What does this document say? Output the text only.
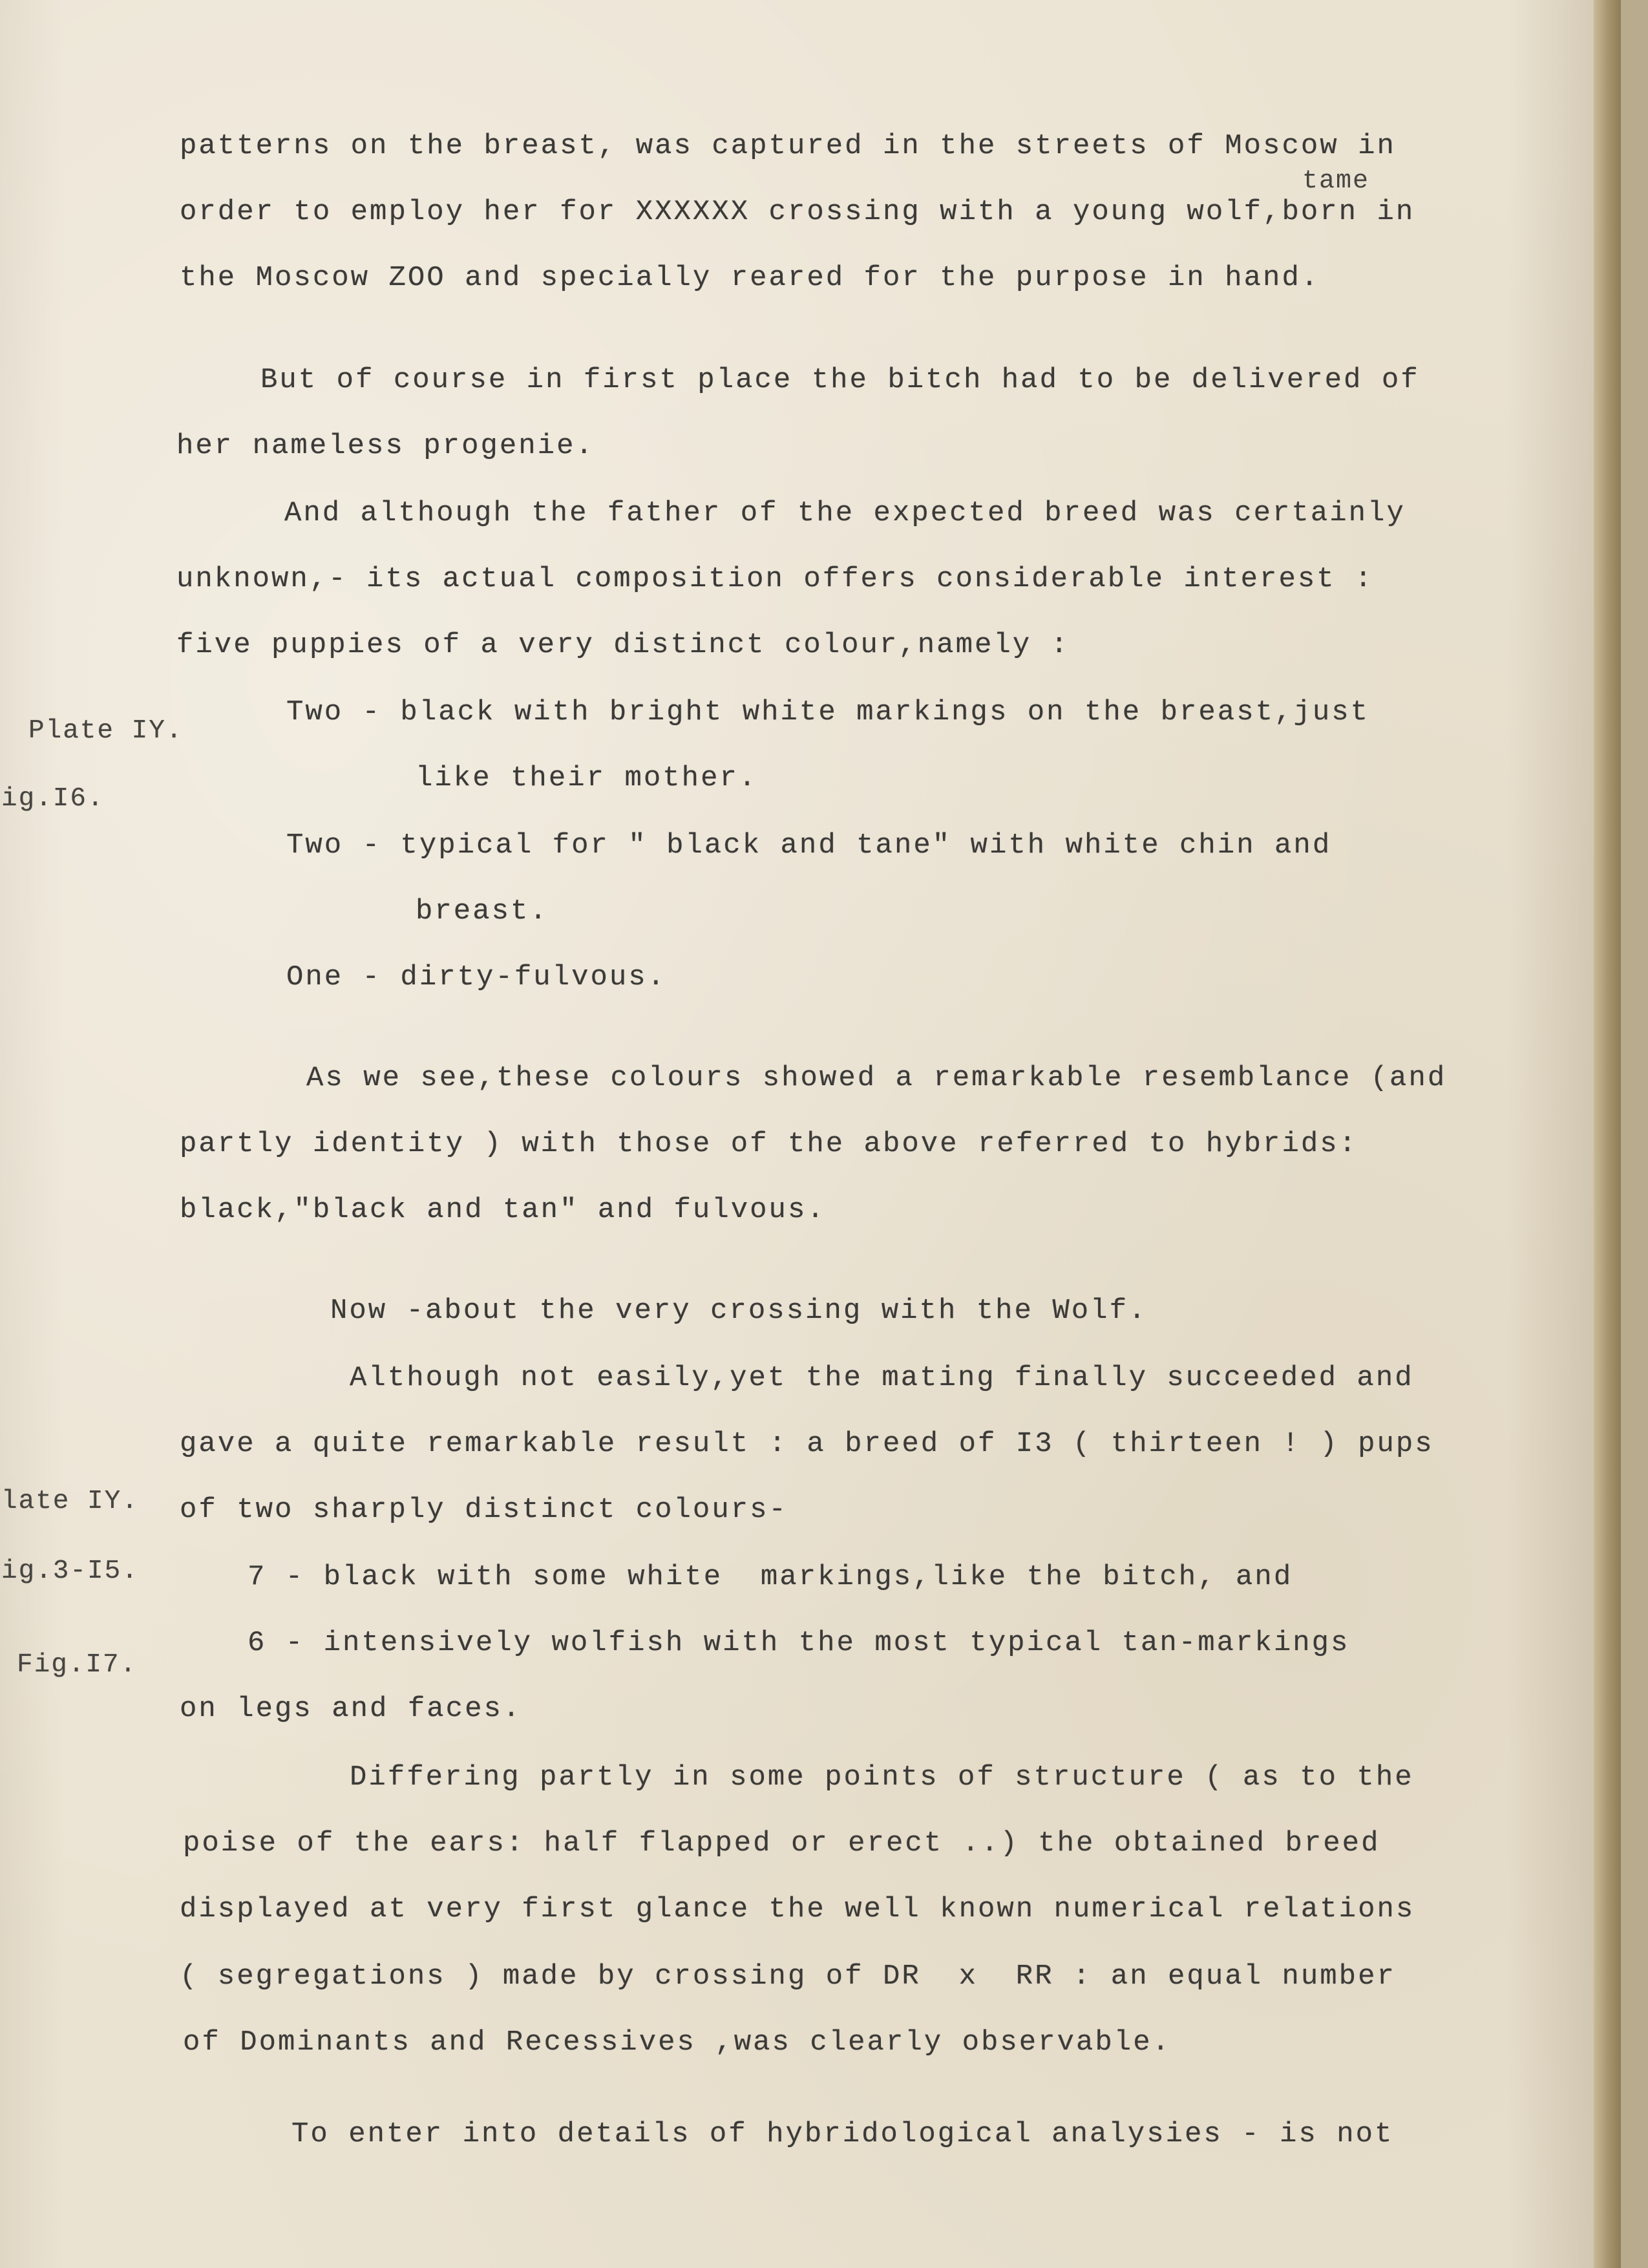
tame
Plate IY.
ig.I6.
late IY.
ig.3-I5.
Fig.I7.
patterns on the breast, was captured in the streets of Moscow in
order to employ her for XXXXXX crossing with a young wolf,born in
the Moscow ZOO and specially reared for the purpose in hand.
But of course in first place the bitch had to be delivered of
her nameless progenie.
And although the father of the expected breed was certainly
unknown,- its actual composition offers considerable interest :
five puppies of a very distinct colour,namely :
Two - black with bright white markings on the breast,just
like their mother.
Two - typical for " black and tane" with white chin and
breast.
One - dirty-fulvous.
As we see,these colours showed a remarkable resemblance (and
partly identity ) with those of the above referred to hybrids:
black,"black and tan" and fulvous.
Now -about the very crossing with the Wolf.
Although not easily,yet the mating finally succeeded and
gave a quite remarkable result : a breed of I3 ( thirteen ! ) pups
of two sharply distinct colours-
7 - black with some white  markings,like the bitch, and
6 - intensively wolfish with the most typical tan-markings
on legs and faces.
Differing partly in some points of structure ( as to the
poise of the ears: half flapped or erect ..) the obtained breed
displayed at very first glance the well known numerical relations
( segregations ) made by crossing of DR  x  RR : an equal number
of Dominants and Recessives ,was clearly observable.
To enter into details of hybridological analysies - is not
